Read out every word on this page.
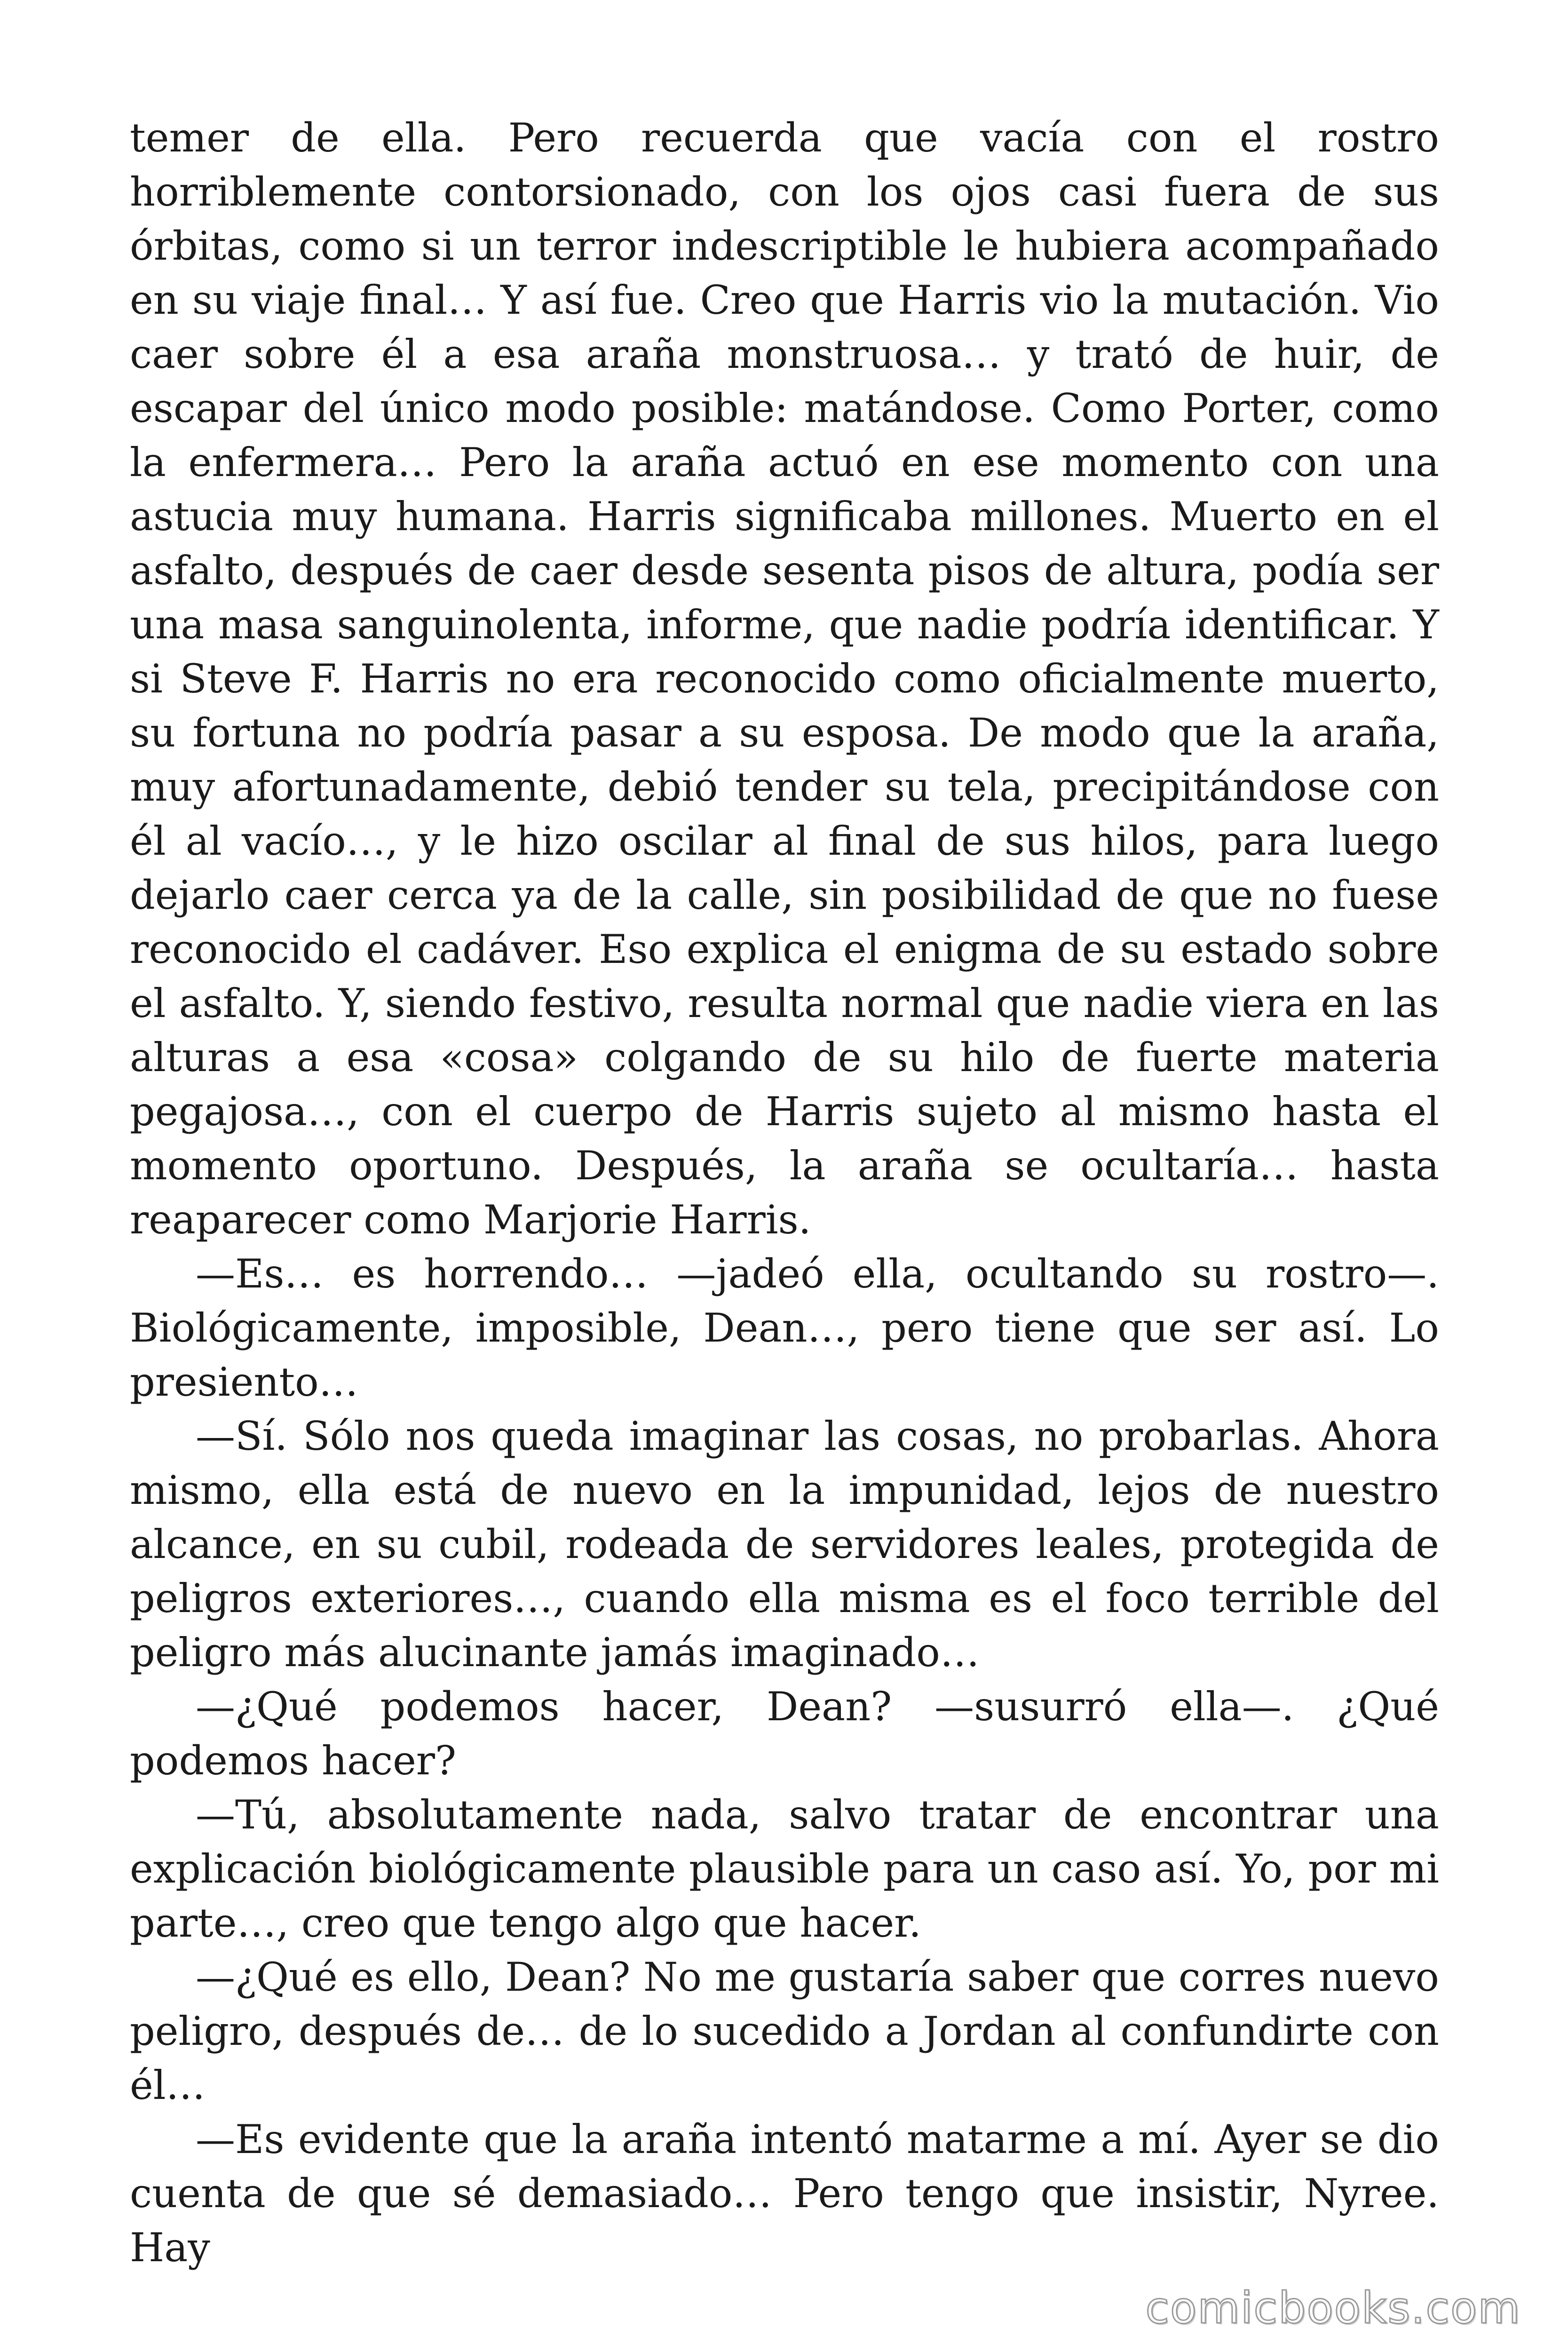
temer de ella. Pero recuerda que vacía con el rostro horriblemente contorsionado, con los ojos casi fuera de sus órbitas, como si un terror indescriptible le hubiera acompañado en su viaje final… Y así fue. Creo que Harris vio la mutación. Vio caer sobre él a esa araña monstruosa… y trató de huir, de escapar del único modo posible: matándose. Como Porter, como la enfermera… Pero la araña actuó en ese momento con una astucia muy humana. Harris significaba millones. Muerto en el asfalto, después de caer desde sesenta pisos de altura, podía ser una masa sanguinolenta, informe, que nadie podría identificar. Y si Steve F. Harris no era reconocido como oficialmente muerto, su fortuna no podría pasar a su esposa. De modo que la araña, muy afortunadamente, debió tender su tela, precipitándose con él al vacío…, y le hizo oscilar al final de sus hilos, para luego dejarlo caer cerca ya de la calle, sin posibilidad de que no fuese reconocido el cadáver. Eso explica el enigma de su estado sobre el asfalto. Y, siendo festivo, resulta normal que nadie viera en las alturas a esa «cosa» colgando de su hilo de fuerte materia pegajosa…, con el cuerpo de Harris sujeto al mismo hasta el momento oportuno. Después, la araña se ocultaría… hasta reaparecer como Marjorie Harris.

—Es… es horrendo… —jadeó ella, ocultando su rostro—. Biológicamente, imposible, Dean…, pero tiene que ser así. Lo presiento…

—Sí. Sólo nos queda imaginar las cosas, no probarlas. Ahora mismo, ella está de nuevo en la impunidad, lejos de nuestro alcance, en su cubil, rodeada de servidores leales, protegida de peligros exteriores…, cuando ella misma es el foco terrible del peligro más alucinante jamás imaginado…

—¿Qué podemos hacer, Dean? —susurró ella—. ¿Qué podemos hacer?

—Tú, absolutamente nada, salvo tratar de encontrar una explicación biológicamente plausible para un caso así. Yo, por mi parte…, creo que tengo algo que hacer.

—¿Qué es ello, Dean? No me gustaría saber que corres nuevo peligro, después de… de lo sucedido a Jordan al confundirte con él…

—Es evidente que la araña intentó matarme a mí. Ayer se dio cuenta de que sé demasiado… Pero tengo que insistir, Nyree. Hay

comicbooks.com
